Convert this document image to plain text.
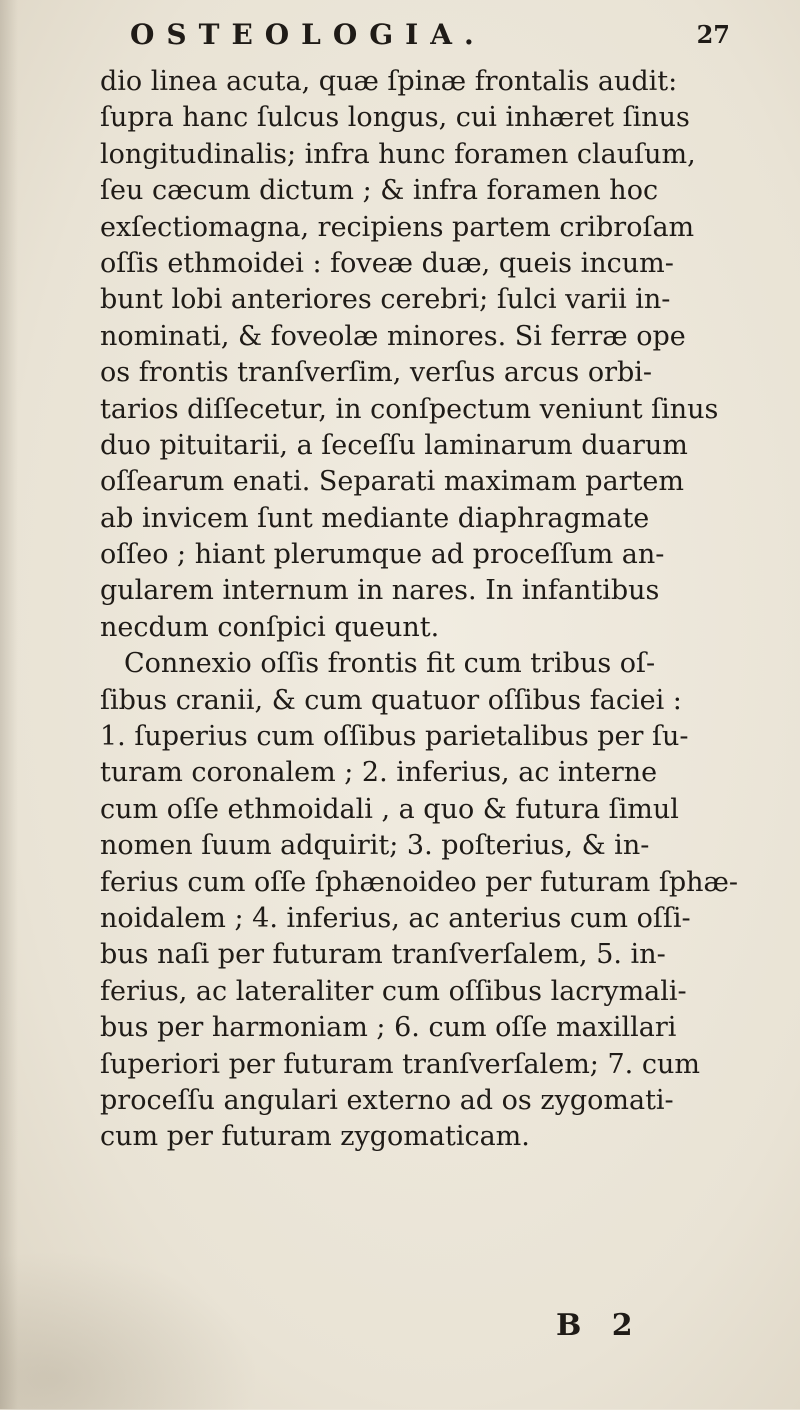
OSTEOLOGIA.	27
dio linea acuta, quæ ſpinæ frontalis audit:
ſupra hanc ſulcus longus, cui inhæret ſinus
longitudinalis; infra hunc foramen clauſum,
ſeu cæcum dictum ; & infra foramen hoc
exſectiomagna, recipiens partem cribroſam
oſſis ethmoidei : foveæ duæ, queis incum-
bunt lobi anteriores cerebri; ſulci varii in-
nominati, & foveolæ minores. Si ferræ ope
os frontis tranſverſim, verſus arcus orbi-
tarios diſſecetur, in conſpectum veniunt ſinus
duo pituitarii, a ſeceſſu laminarum duarum
oſſearum enati. Separati maximam partem
ab invicem ſunt mediante diaphragmate
oſſeo ; hiant plerumque ad proceſſum an-
gularem internum in nares. In infantibus
necdum conſpici queunt.
Connexio oſſis frontis fit cum tribus oſ-
ſibus cranii, & cum quatuor oſſibus faciei :
1. ſuperius cum oſſibus parietalibus per ſu-
turam coronalem ; 2. inferius, ac interne
cum oſſe ethmoidali , a quo & futura ſimul
nomen ſuum adquirit; 3. poſterius, & in-
ferius cum oſſe ſphænoideo per futuram ſphæ-
noidalem ; 4. inferius, ac anterius cum oſſi-
bus naſi per futuram tranſverſalem, 5. in-
ferius, ac lateraliter cum oſſibus lacrymali-
bus per harmoniam ; 6. cum oſſe maxillari
ſuperiori per futuram tranſverſalem; 7. cum
proceſſu angulari externo ad os zygomati-
cum per futuram zygomaticam.
B 2
